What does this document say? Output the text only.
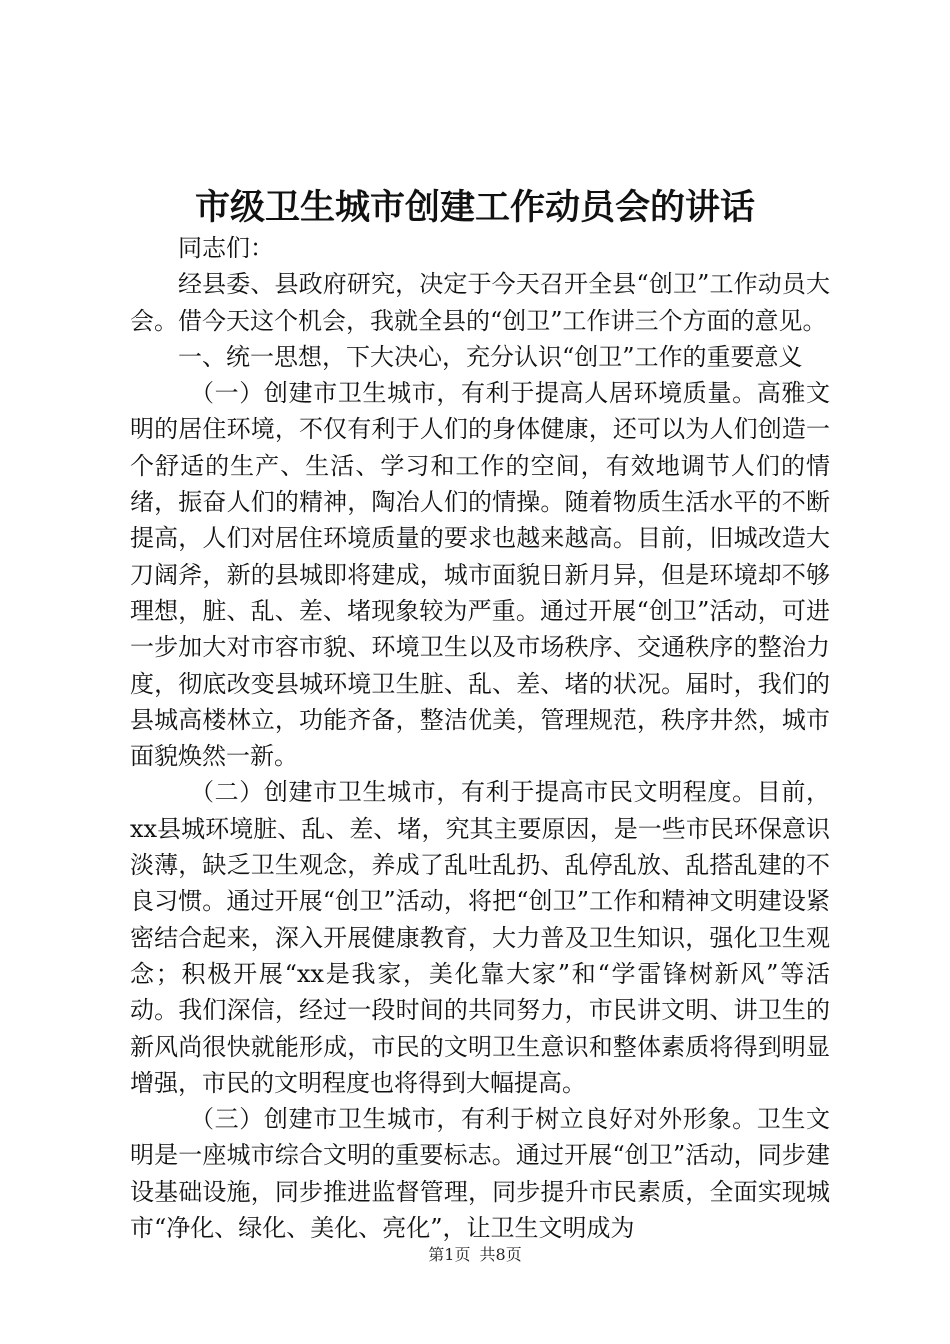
市级卫生城市创建工作动员会的讲话

同志们：

经县委、县政府研究，决定于今天召开全县“创卫”工作动员大会。借今天这个机会，我就全县的“创卫”工作讲三个方面的意见。

一、统一思想，下大决心，充分认识“创卫”工作的重要意义

（一）创建市卫生城市，有利于提高人居环境质量。高雅文明的居住环境，不仅有利于人们的身体健康，还可以为人们创造一个舒适的生产、生活、学习和工作的空间，有效地调节人们的情绪，振奋人们的精神，陶冶人们的情操。随着物质生活水平的不断提高，人们对居住环境质量的要求也越来越高。目前，旧城改造大刀阔斧，新的县城即将建成，城市面貌日新月异，但是环境却不够理想，脏、乱、差、堵现象较为严重。通过开展“创卫”活动，可进一步加大对市容市貌、环境卫生以及市场秩序、交通秩序的整治力度，彻底改变县城环境卫生脏、乱、差、堵的状况。届时，我们的县城高楼林立，功能齐备，整洁优美，管理规范，秩序井然，城市面貌焕然一新。

（二）创建市卫生城市，有利于提高市民文明程度。目前，xx县城环境脏、乱、差、堵，究其主要原因，是一些市民环保意识淡薄，缺乏卫生观念，养成了乱吐乱扔、乱停乱放、乱搭乱建的不良习惯。通过开展“创卫”活动，将把“创卫”工作和精神文明建设紧密结合起来，深入开展健康教育，大力普及卫生知识，强化卫生观念；积极开展“xx是我家，美化靠大家”和“学雷锋树新风”等活动。我们深信，经过一段时间的共同努力，市民讲文明、讲卫生的新风尚很快就能形成，市民的文明卫生意识和整体素质将得到明显增强，市民的文明程度也将得到大幅提高。

（三）创建市卫生城市，有利于树立良好对外形象。卫生文明是一座城市综合文明的重要标志。通过开展“创卫”活动，同步建设基础设施，同步推进监督管理，同步提升市民素质，全面实现城市“净化、绿化、美化、亮化”，让卫生文明成为

第1页 共8页
